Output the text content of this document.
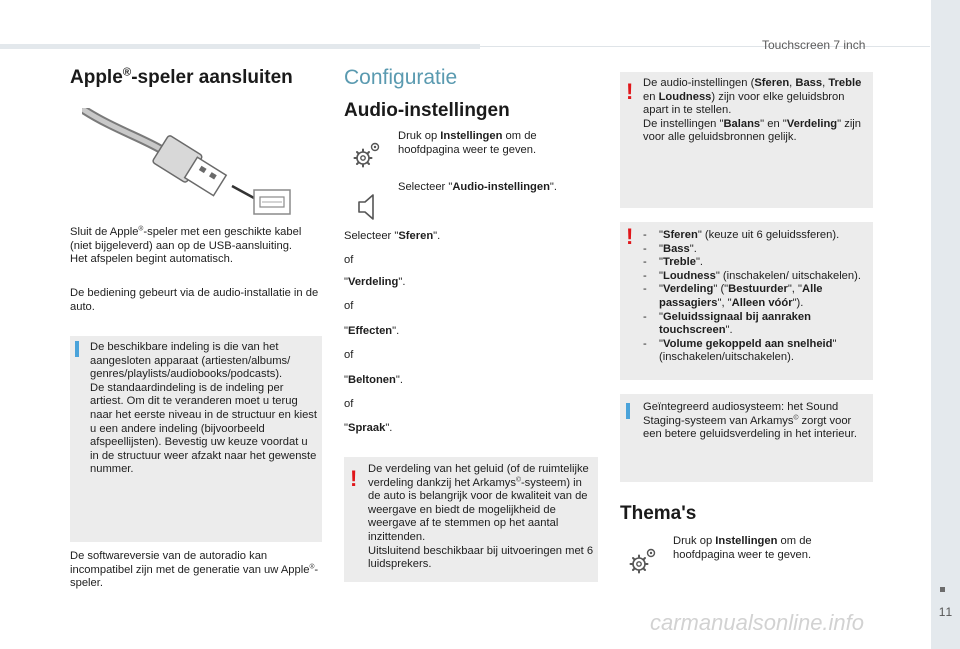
Touchscreen 7 inch
11
carmanualsonline.info
Apple®-speler aansluiten

Sluit de Apple®-speler met een geschikte kabel (niet bijgeleverd) aan op de USB-aansluiting.

Het afspelen begint automatisch.

De bediening gebeurt via de audio-installatie in de auto.

De beschikbare indeling is die van het aangesloten apparaat (artiesten/albums/ genres/playlists/audiobooks/podcasts).

De standaardindeling is de indeling per artiest. Om dit te veranderen moet u terug naar het eerste niveau in de structuur en kiest u een andere indeling (bijvoorbeeld afspeellijsten). Bevestig uw keuze voordat u in de structuur weer afzakt naar het gewenste nummer.

De softwareversie van de autoradio kan incompatibel zijn met de generatie van uw Apple®-speler.
Configuratie
Audio-instellingen
Druk op Instellingen om de hoofdpagina weer te geven.
Selecteer "Audio-instellingen".
Selecteer "Sferen".
of
"Verdeling".
of
"Effecten".
of
"Beltonen".
of
"Spraak".
! De verdeling van het geluid (of de ruimtelijke verdeling dankzij het Arkamys©-systeem) in de auto is belangrijk voor de kwaliteit van de weergave en biedt de mogelijkheid de weergave af te stemmen op het aantal inzittenden.

Uitsluitend beschikbaar bij uitvoeringen met 6 luidsprekers.

! De audio-instellingen (Sferen, Bass, Treble en Loudness) zijn voor elke geluidsbron apart in te stellen.

De instellingen "Balans" en "Verdeling" zijn voor alle geluidsbronnen gelijk.

!
-	"Sferen" (keuze uit 6 geluidssferen).
- "Bass".
- "Treble".
- "Loudness" (inschakelen/ uitschakelen).
- "Verdeling" ("Bestuurder", "Alle passagiers", "Alleen vóór").
- "Geluidssignaal bij aanraken touchscreen".
- "Volume gekoppeld aan snelheid" (inschakelen/uitschakelen).
Geïntegreerd audiosysteem: het Sound Staging-systeem van Arkamys© zorgt voor een betere geluidsverdeling in het interieur.
Thema's
Druk op Instellingen om de hoofdpagina weer te geven.
